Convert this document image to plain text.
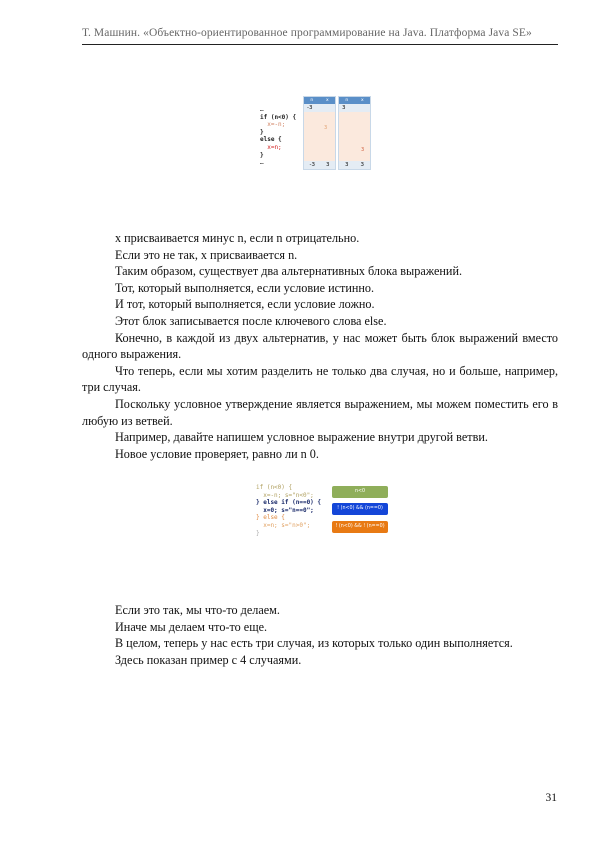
Т. Машнин. «Объектно-ориентированное программирование на Java. Платформа Java SE»
…
if (n<0) {
x=-n;
}
else {
x=n;
}
…
n	x
-3
3
-3 3
n	x
3
3
3 3

x присваивается минус n, если n отрицательно.

Если это не так, x присваивается n.

Таким образом, существует два альтернативных блока выражений.

Тот, который выполняется, если условие истинно.

И тот, который выполняется, если условие ложно.

Этот блок записывается после ключевого слова else.

Конечно, в каждой из двух альтернатив, у нас может быть блок выражений вместо одного выражения.

Что теперь, если мы хотим разделить не только два случая, но и больше, например, три случая.

Поскольку условное утверждение является выражением, мы можем поместить его в любую из ветвей.

Например, давайте напишем условное выражение внутри другой ветви.

Новое условие проверяет, равно ли n 0.

if (n<0) {
x=-n; s="n<0";
} else if (n==0) {
x=0; s="n==0";
} else {
x=n; s="n>0";
}
n<0
! (n<0) && (n==0)
! (n<0) && ! (n==0)

Если это так, мы что-то делаем.

Иначе мы делаем что-то еще.

В целом, теперь у нас есть три случая, из которых только один выполняется.

Здесь показан пример с 4 случаями.

31
